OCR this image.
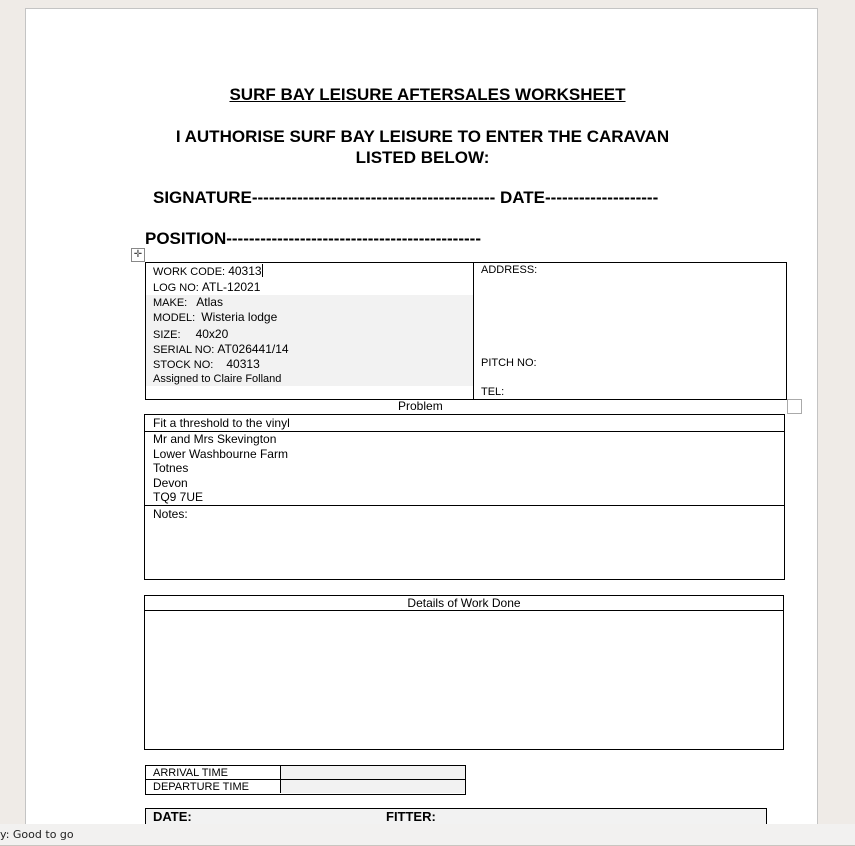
SURF BAY LEISURE AFTERSALES WORKSHEET
I AUTHORISE SURF BAY LEISURE TO ENTER THE CARAVAN
LISTED BELOW:
SIGNATURE------------------------------------------- DATE--------------------
POSITION---------------------------------------------
✛
WORK CODE: 40313
LOG NO: ATL-12021
MAKE: Atlas
MODEL: Wisteria lodge
SIZE: 40x20
SERIAL NO: AT026441/14
STOCK NO: 40313
Assigned to Claire Folland
ADDRESS:
PITCH NO:
TEL:
Problem
Fit a threshold to the vinyl
Mr and Mrs Skevington
Lower Washbourne Farm
Totnes
Devon
TQ9 7UE
Notes:
Details of Work Done
ARRIVAL TIME
DEPARTURE TIME
DATE:	FITTER:
y: Good to go
